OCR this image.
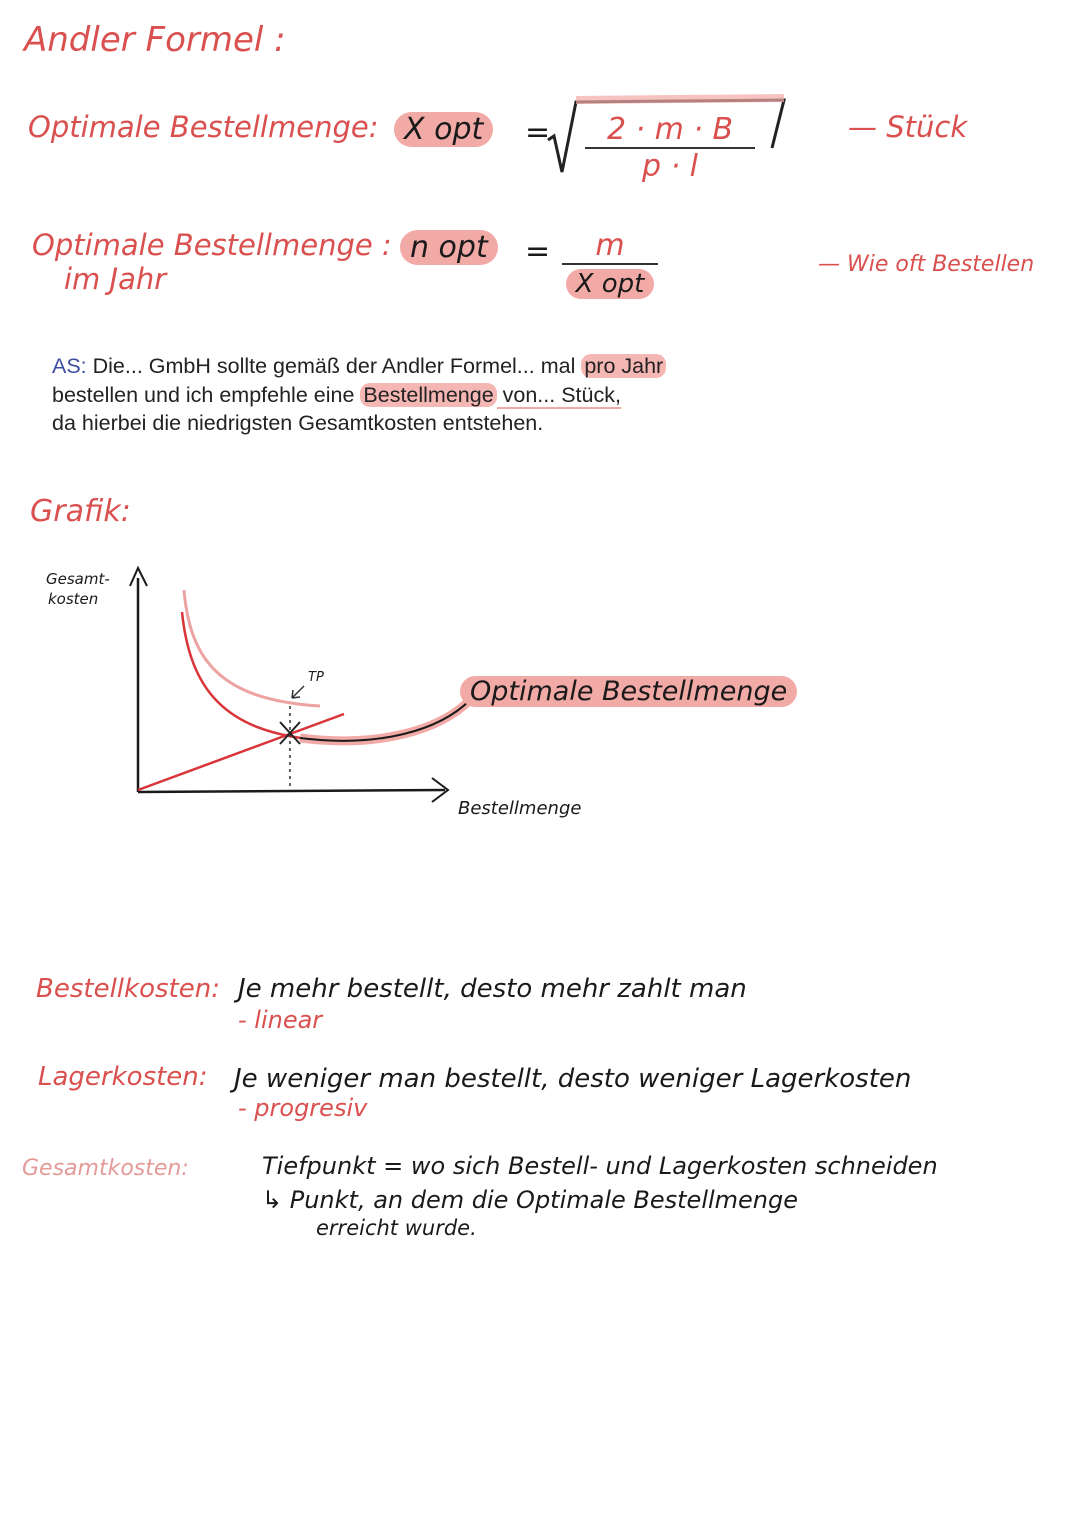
Andler Formel :
Optimale Bestellmenge: X opt	= $\frac{2 \cdot m \cdot B}{p \cdot l}$	— Stück
Optimale Bestellmenge :
im Jahr
n opt	=	m
X opt
— Wie oft Bestellen
AS: Die... GmbH sollte gemäß der Andler Formel... mal pro Jahr
bestellen und ich empfehle eine Bestellmenge von... Stück,
da hierbei die niedrigsten Gesamtkosten entstehen.
Grafik:
Gesamt-
kosten
Bestellmenge
TP	Optimale Bestellmenge
Bestellkosten: Je mehr bestellt, desto mehr zahlt man
- linear
Lagerkosten: Je weniger man bestellt, desto weniger Lagerkosten
- progresiv
Gesamtkosten:	Tiefpunkt = wo sich Bestell- und Lagerkosten schneiden
↳ Punkt, an dem die Optimale Bestellmenge
erreicht wurde.
